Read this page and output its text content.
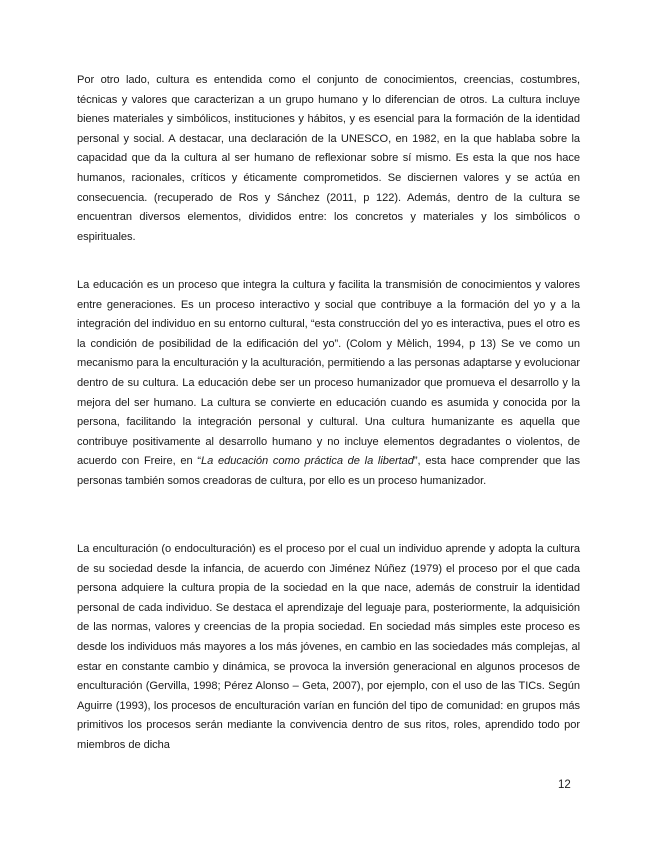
Por otro lado, cultura es entendida como el conjunto de conocimientos, creencias, costumbres, técnicas y valores que caracterizan a un grupo humano y lo diferencian de otros. La cultura incluye bienes materiales y simbólicos, instituciones y hábitos, y es esencial para la formación de la identidad personal y social. A destacar, una declaración de la UNESCO, en 1982, en la que hablaba sobre la capacidad que da la cultura al ser humano de reflexionar sobre sí mismo. Es esta la que nos hace humanos, racionales, críticos y éticamente comprometidos. Se disciernen valores y se actúa en consecuencia. (recuperado de Ros y Sánchez (2011, p 122). Además, dentro de la cultura se encuentran diversos elementos, divididos entre: los concretos y materiales y los simbólicos o espirituales.

La educación es un proceso que integra la cultura y facilita la transmisión de conocimientos y valores entre generaciones. Es un proceso interactivo y social que contribuye a la formación del yo y a la integración del individuo en su entorno cultural, “esta construcción del yo es interactiva, pues el otro es la condición de posibilidad de la edificación del yo”. (Colom y Mèlich, 1994, p 13) Se ve como un mecanismo para la enculturación y la aculturación, permitiendo a las personas adaptarse y evolucionar dentro de su cultura. La educación debe ser un proceso humanizador que promueva el desarrollo y la mejora del ser humano. La cultura se convierte en educación cuando es asumida y conocida por la persona, facilitando la integración personal y cultural. Una cultura humanizante es aquella que contribuye positivamente al desarrollo humano y no incluye elementos degradantes o violentos, de acuerdo con Freire, en “La educación como práctica de la libertad”, esta hace comprender que las personas también somos creadoras de cultura, por ello es un proceso humanizador.

La enculturación (o endoculturación) es el proceso por el cual un individuo aprende y adopta la cultura de su sociedad desde la infancia, de acuerdo con Jiménez Núñez (1979) el proceso por el que cada persona adquiere la cultura propia de la sociedad en la que nace, además de construir la identidad personal de cada individuo. Se destaca el aprendizaje del leguaje para, posteriormente, la adquisición de las normas, valores y creencias de la propia sociedad. En sociedad más simples este proceso es desde los individuos más mayores a los más jóvenes, en cambio en las sociedades más complejas, al estar en constante cambio y dinámica, se provoca la inversión generacional en algunos procesos de enculturación (Gervilla, 1998; Pérez Alonso – Geta, 2007), por ejemplo, con el uso de las TICs. Según Aguirre (1993), los procesos de enculturación varían en función del tipo de comunidad: en grupos más primitivos los procesos serán mediante la convivencia dentro de sus ritos, roles, aprendido todo por miembros de dicha

12
